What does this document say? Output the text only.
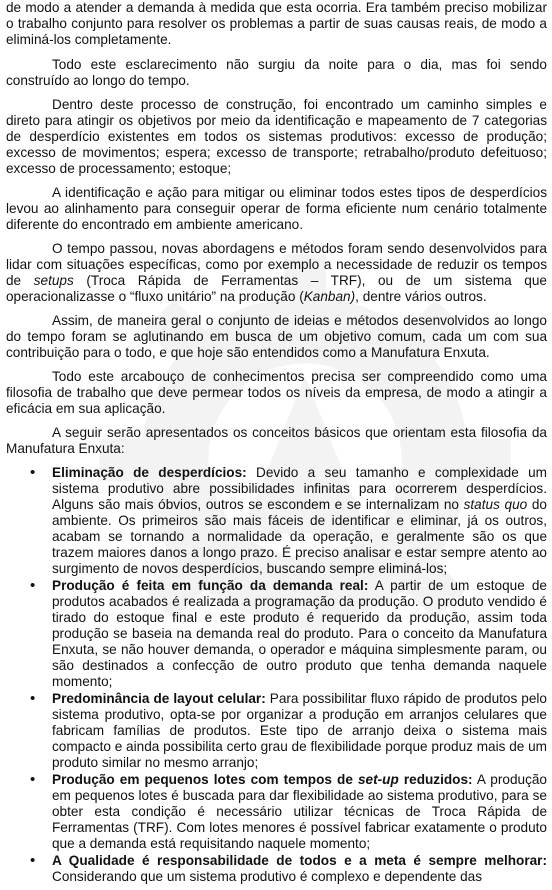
de modo a atender a demanda à medida que esta ocorria. Era também preciso mobilizar o trabalho conjunto para resolver os problemas a partir de suas causas reais, de modo a eliminá-los completamente.

Todo este esclarecimento não surgiu da noite para o dia, mas foi sendo construído ao longo do tempo.

Dentro deste processo de construção, foi encontrado um caminho simples e direto para atingir os objetivos por meio da identificação e mapeamento de 7 categorias de desperdício existentes em todos os sistemas produtivos: excesso de produção; excesso de movimentos; espera; excesso de transporte; retrabalho/produto defeituoso; excesso de processamento; estoque;

A identificação e ação para mitigar ou eliminar todos estes tipos de desperdícios levou ao alinhamento para conseguir operar de forma eficiente num cenário totalmente diferente do encontrado em ambiente americano.

O tempo passou, novas abordagens e métodos foram sendo desenvolvidos para lidar com situações específicas, como por exemplo a necessidade de reduzir os tempos de setups (Troca Rápida de Ferramentas – TRF), ou de um sistema que operacionalizasse o “fluxo unitário” na produção (Kanban), dentre vários outros.

Assim, de maneira geral o conjunto de ideias e métodos desenvolvidos ao longo do tempo foram se aglutinando em busca de um objetivo comum, cada um com sua contribuição para o todo, e que hoje são entendidos como a Manufatura Enxuta.

Todo este arcabouço de conhecimentos precisa ser compreendido como uma filosofia de trabalho que deve permear todos os níveis da empresa, de modo a atingir a eficácia em sua aplicação.

A seguir serão apresentados os conceitos básicos que orientam esta filosofia da Manufatura Enxuta:

• Eliminação de desperdícios: Devido a seu tamanho e complexidade um sistema produtivo abre possibilidades infinitas para ocorrerem desperdícios. Alguns são mais óbvios, outros se escondem e se internalizam no status quo do ambiente. Os primeiros são mais fáceis de identificar e eliminar, já os outros, acabam se tornando a normalidade da operação, e geralmente são os que trazem maiores danos a longo prazo. É preciso analisar e estar sempre atento ao surgimento de novos desperdícios, buscando sempre eliminá-los;
• Produção é feita em função da demanda real: A partir de um estoque de produtos acabados é realizada a programação da produção. O produto vendido é tirado do estoque final e este produto é requerido da produção, assim toda produção se baseia na demanda real do produto. Para o conceito da Manufatura Enxuta, se não houver demanda, o operador e máquina simplesmente param, ou são destinados a confecção de outro produto que tenha demanda naquele momento;
• Predominância de layout celular: Para possibilitar fluxo rápido de produtos pelo sistema produtivo, opta-se por organizar a produção em arranjos celulares que fabricam famílias de produtos. Este tipo de arranjo deixa o sistema mais compacto e ainda possibilita certo grau de flexibilidade porque produz mais de um produto similar no mesmo arranjo;
• Produção em pequenos lotes com tempos de set-up reduzidos: A produção em pequenos lotes é buscada para dar flexibilidade ao sistema produtivo, para se obter esta condição é necessário utilizar técnicas de Troca Rápida de Ferramentas (TRF). Com lotes menores é possível fabricar exatamente o produto que a demanda está requisitando naquele momento;
• A Qualidade é responsabilidade de todos e a meta é sempre melhorar: Considerando que um sistema produtivo é complexo e dependente das
